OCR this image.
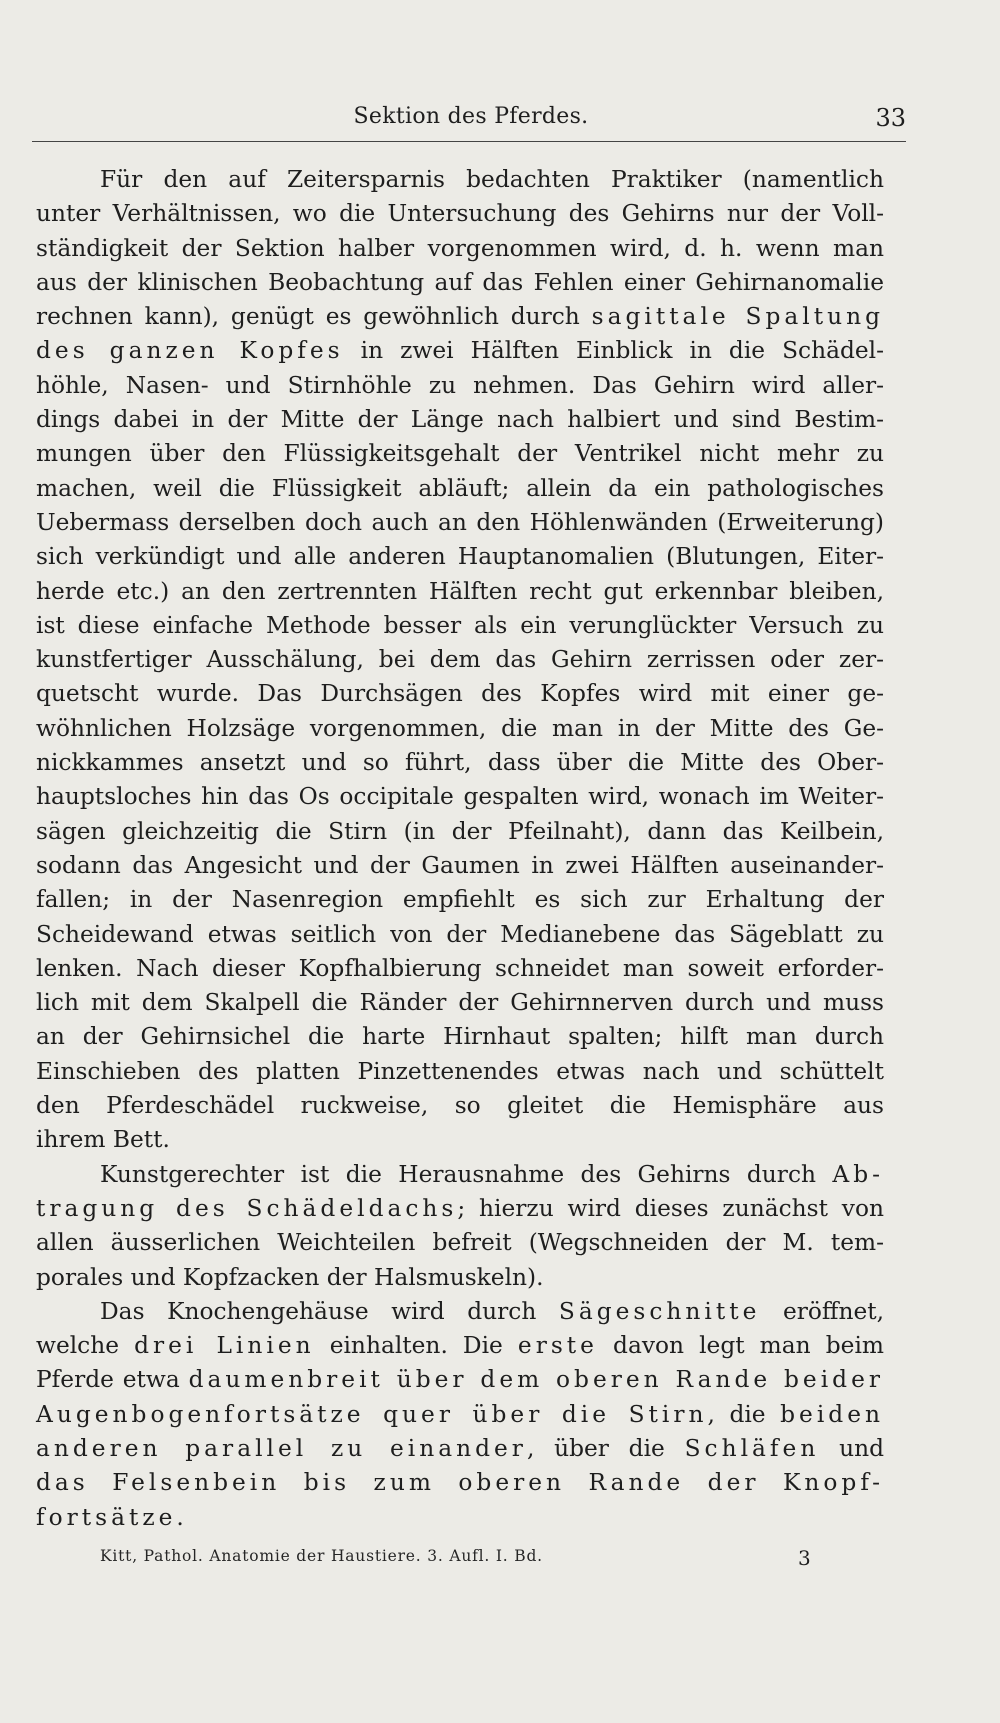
Sektion des Pferdes.	33
Für den auf Zeitersparnis bedachten Praktiker (namentlich
unter Verhältnissen, wo die Untersuchung des Gehirns nur der Voll-
ständigkeit der Sektion halber vorgenommen wird, d. h. wenn man
aus der klinischen Beobachtung auf das Fehlen einer Gehirnanomalie
rechnen kann), genügt es gewöhnlich durch sagittale Spaltung
des ganzen Kopfes in zwei Hälften Einblick in die Schädel-
höhle, Nasen- und Stirnhöhle zu nehmen. Das Gehirn wird aller-
dings dabei in der Mitte der Länge nach halbiert und sind Bestim-
mungen über den Flüssigkeitsgehalt der Ventrikel nicht mehr zu
machen, weil die Flüssigkeit abläuft; allein da ein pathologisches
Uebermass derselben doch auch an den Höhlenwänden (Erweiterung)
sich verkündigt und alle anderen Hauptanomalien (Blutungen, Eiter-
herde etc.) an den zertrennten Hälften recht gut erkennbar bleiben,
ist diese einfache Methode besser als ein verunglückter Versuch zu
kunstfertiger Ausschälung, bei dem das Gehirn zerrissen oder zer-
quetscht wurde. Das Durchsägen des Kopfes wird mit einer ge-
wöhnlichen Holzsäge vorgenommen, die man in der Mitte des Ge-
nickkammes ansetzt und so führt, dass über die Mitte des Ober-
hauptsloches hin das Os occipitale gespalten wird, wonach im Weiter-
sägen gleichzeitig die Stirn (in der Pfeilnaht), dann das Keilbein,
sodann das Angesicht und der Gaumen in zwei Hälften auseinander-
fallen; in der Nasenregion empfiehlt es sich zur Erhaltung der
Scheidewand etwas seitlich von der Medianebene das Sägeblatt zu
lenken. Nach dieser Kopfhalbierung schneidet man soweit erforder-
lich mit dem Skalpell die Ränder der Gehirnnerven durch und muss
an der Gehirnsichel die harte Hirnhaut spalten; hilft man durch
Einschieben des platten Pinzettenendes etwas nach und schüttelt
den Pferdeschädel ruckweise, so gleitet die Hemisphäre aus
ihrem Bett.
Kunstgerechter ist die Herausnahme des Gehirns durch Ab-
tragung des Schädeldachs; hierzu wird dieses zunächst von
allen äusserlichen Weichteilen befreit (Wegschneiden der M. tem-
porales und Kopfzacken der Halsmuskeln).
Das Knochengehäuse wird durch Sägeschnitte eröffnet,
welche drei Linien einhalten. Die erste davon legt man beim
Pferde etwa daumenbreit über dem oberen Rande beider
Augenbogenfortsätze quer über die Stirn, die beiden
anderen parallel zu einander, über die Schläfen und
das Felsenbein bis zum oberen Rande der Knopf-
fortsätze.
Kitt, Pathol. Anatomie der Haustiere. 3. Aufl. I. Bd.	3
